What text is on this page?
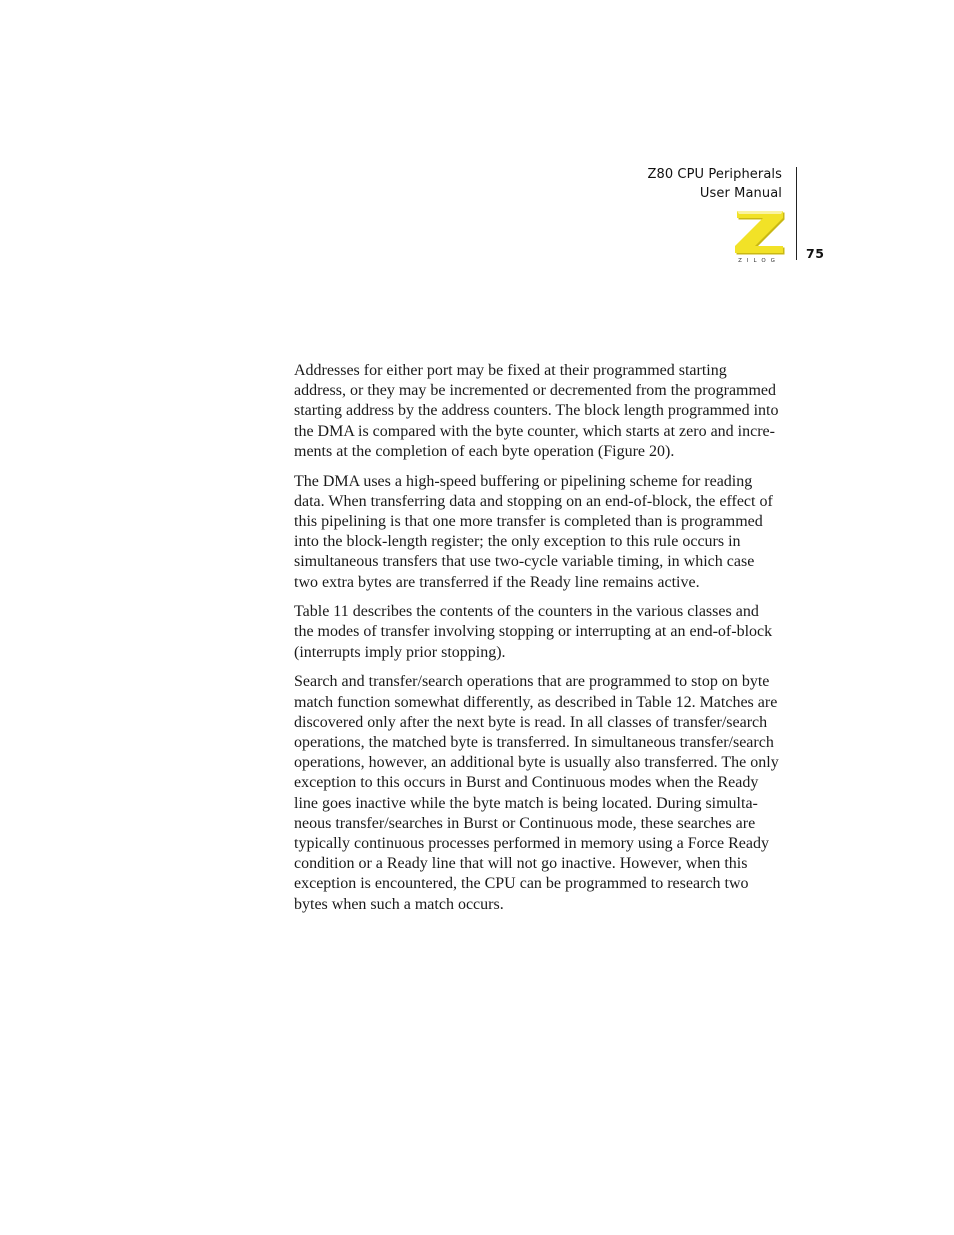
Z80 CPU Peripherals
User Manual
ZILOG 75

Addresses for either port may be fixed at their programmed starting
address, or they may be incremented or decremented from the programmed
starting address by the address counters. The block length programmed into
the DMA is compared with the byte counter, which starts at zero and incre-
ments at the completion of each byte operation (Figure 20).

The DMA uses a high-speed buffering or pipelining scheme for reading
data. When transferring data and stopping on an end-of-block, the effect of
this pipelining is that one more transfer is completed than is programmed
into the block-length register; the only exception to this rule occurs in
simultaneous transfers that use two-cycle variable timing, in which case
two extra bytes are transferred if the Ready line remains active.

Table 11 describes the contents of the counters in the various classes and
the modes of transfer involving stopping or interrupting at an end-of-block
(interrupts imply prior stopping).

Search and transfer/search operations that are programmed to stop on byte
match function somewhat differently, as described in Table 12. Matches are
discovered only after the next byte is read. In all classes of transfer/search
operations, the matched byte is transferred. In simultaneous transfer/search
operations, however, an additional byte is usually also transferred. The only
exception to this occurs in Burst and Continuous modes when the Ready
line goes inactive while the byte match is being located. During simulta-
neous transfer/searches in Burst or Continuous mode, these searches are
typically continuous processes performed in memory using a Force Ready
condition or a Ready line that will not go inactive. However, when this
exception is encountered, the CPU can be programmed to research two
bytes when such a match occurs.
